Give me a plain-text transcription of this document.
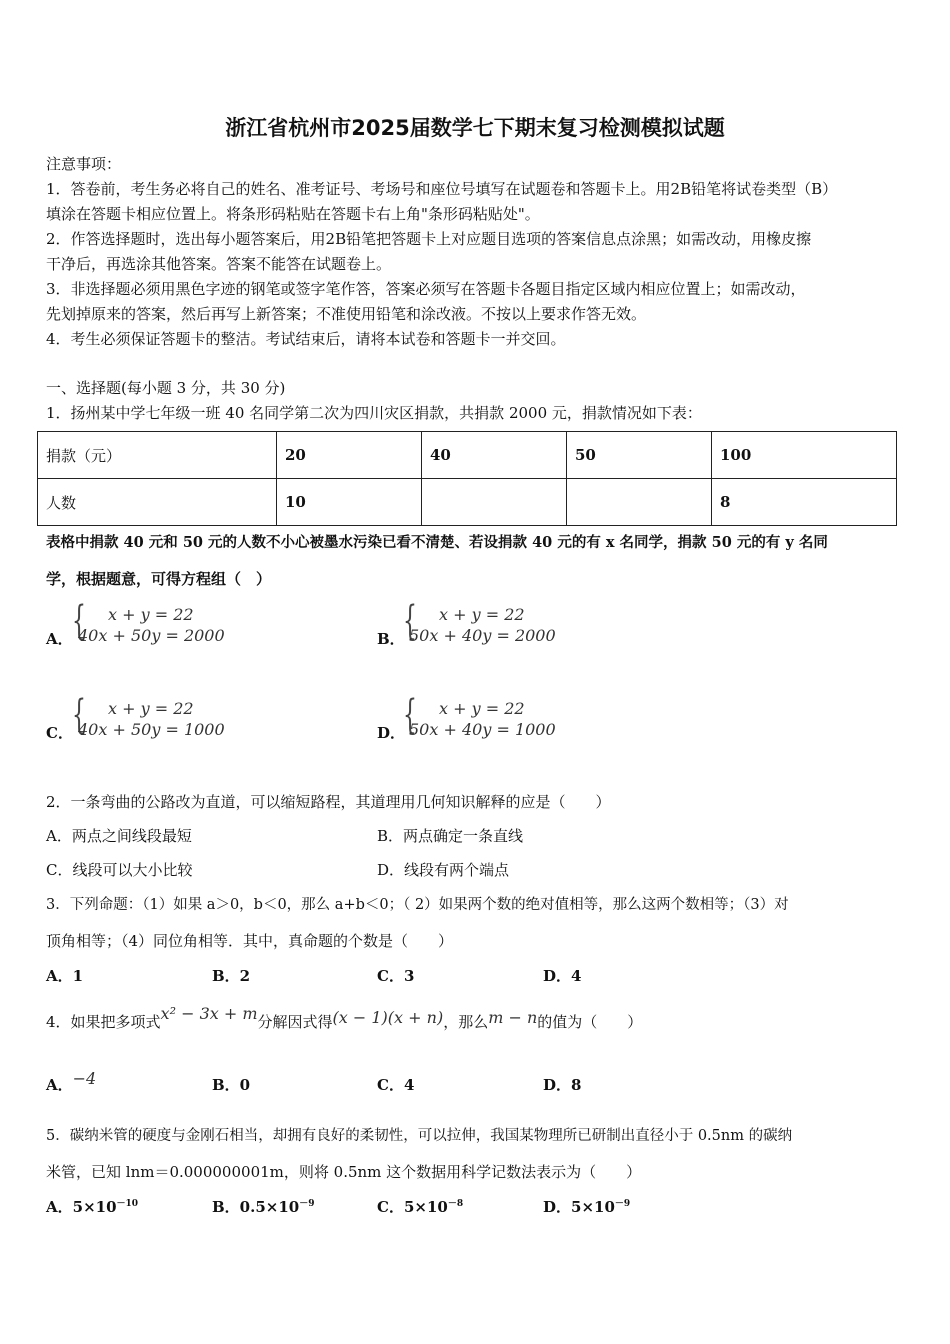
浙江省杭州市2025届数学七下期末复习检测模拟试题
注意事项：
1．答卷前，考生务必将自己的姓名、准考证号、考场号和座位号填写在试题卷和答题卡上。用2B铅笔将试卷类型（B）
填涂在答题卡相应位置上。将条形码粘贴在答题卡右上角"条形码粘贴处"。
2．作答选择题时，选出每小题答案后，用2B铅笔把答题卡上对应题目选项的答案信息点涂黑；如需改动，用橡皮擦
干净后，再选涂其他答案。答案不能答在试题卷上。
3．非选择题必须用黑色字迹的钢笔或签字笔作答，答案必须写在答题卡各题目指定区域内相应位置上；如需改动，
先划掉原来的答案，然后再写上新答案；不准使用铅笔和涂改液。不按以上要求作答无效。
4．考生必须保证答题卡的整洁。考试结束后，请将本试卷和答题卡一并交回。
一、选择题(每小题 3 分，共 30 分)
1．扬州某中学七年级一班 40 名同学第二次为四川灾区捐款，共捐款 2000 元，捐款情况如下表：
捐款（元）	20	40	50	100
人数	10			8
表格中捐款 40 元和 50 元的人数不小心被墨水污染已看不清楚、若设捐款 40 元的有 x 名同学，捐款 50 元的有 y 名同
学，根据题意，可得方程组（　）
A． { x + y = 22
40x + 50y = 2000	B．
{ x + y = 22
50x + 40y = 2000
C． { x + y = 22
40x + 50y = 1000	D．
{ x + y = 22
50x + 40y = 1000
2．一条弯曲的公路改为直道，可以缩短路程，其道理用几何知识解释的应是（　　）
A．两点之间线段最短	B．两点确定一条直线
C．线段可以大小比较	D．线段有两个端点
3．下列命题：（1）如果 a＞0，b＜0，那么 a+b＜0；（ 2）如果两个数的绝对值相等，那么这两个数相等；（3）对
顶角相等；（4）同位角相等．其中，真命题的个数是（　　）
A．1	B．2	C．3	D．4
4．如果把多项式x² − 3x + m分解因式得(x − 1)(x + n)，那么m − n的值为（　　）
A．−4	B．0	C．4	D．8
5．碳纳米管的硬度与金刚石相当，却拥有良好的柔韧性，可以拉伸，我国某物理所已研制出直径小于 0.5nm 的碳纳
米管，已知 lnm＝0.000000001m，则将 0.5nm 这个数据用科学记数法表示为（　　）
A．$5\times 10^{-10}$	B．$0.5\times 10^{-9}$	C．$5\times 10^{-8}$	D．$5\times 10^{-9}$
